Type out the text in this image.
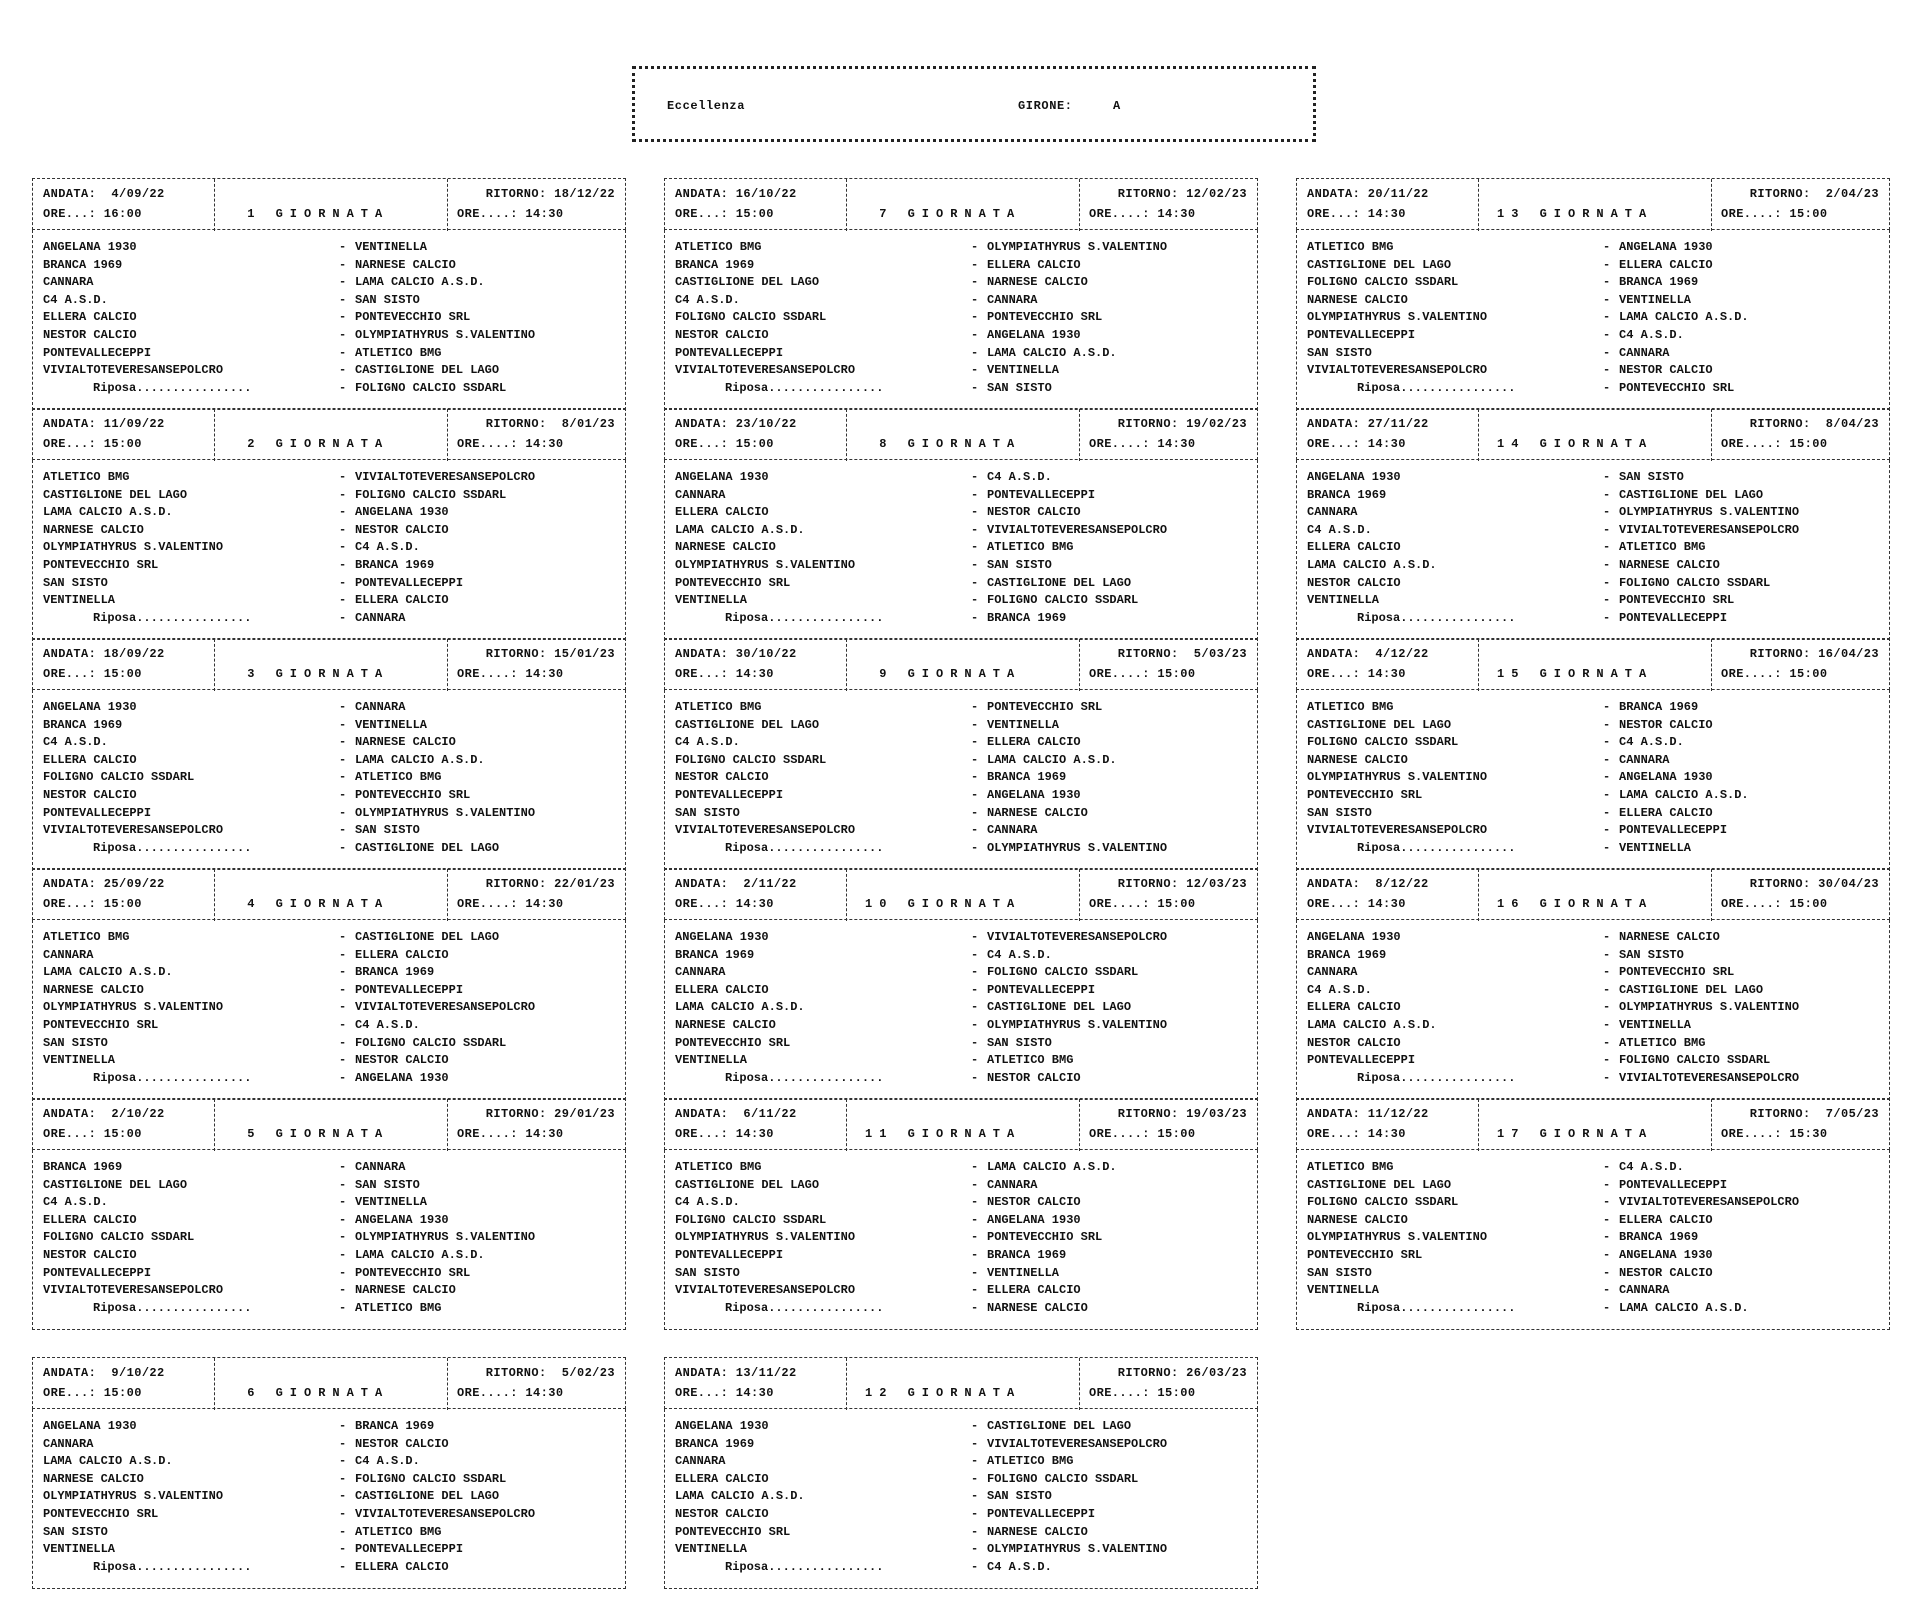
Eccellenza	GIRONE:	A
ANDATA:  4/09/22
ORE...: 16:00	1 GIORNATA
RITORNO: 18/12/22
ORE....: 14:30
ANGELANA 1930	- VENTINELLA
BRANCA 1969	- NARNESE CALCIO
CANNARA	- LAMA CALCIO A.S.D.
C4 A.S.D.	- SAN SISTO
ELLERA CALCIO	- PONTEVECCHIO SRL
NESTOR CALCIO	- OLYMPIATHYRUS S.VALENTINO
PONTEVALLECEPPI	- ATLETICO BMG
VIVIALTOTEVERESANSEPOLCRO	- CASTIGLIONE DEL LAGO
Riposa................	- FOLIGNO CALCIO SSDARL
ANDATA: 11/09/22
ORE...: 15:00	2 GIORNATA
RITORNO:  8/01/23
ORE....: 14:30
ATLETICO BMG	- VIVIALTOTEVERESANSEPOLCRO
CASTIGLIONE DEL LAGO	- FOLIGNO CALCIO SSDARL
LAMA CALCIO A.S.D.	- ANGELANA 1930
NARNESE CALCIO	- NESTOR CALCIO
OLYMPIATHYRUS S.VALENTINO	- C4 A.S.D.
PONTEVECCHIO SRL	- BRANCA 1969
SAN SISTO	- PONTEVALLECEPPI
VENTINELLA	- ELLERA CALCIO
Riposa................	- CANNARA
ANDATA: 18/09/22
ORE...: 15:00	3 GIORNATA
RITORNO: 15/01/23
ORE....: 14:30
ANGELANA 1930	- CANNARA
BRANCA 1969	- VENTINELLA
C4 A.S.D.	- NARNESE CALCIO
ELLERA CALCIO	- LAMA CALCIO A.S.D.
FOLIGNO CALCIO SSDARL	- ATLETICO BMG
NESTOR CALCIO	- PONTEVECCHIO SRL
PONTEVALLECEPPI	- OLYMPIATHYRUS S.VALENTINO
VIVIALTOTEVERESANSEPOLCRO	- SAN SISTO
Riposa................	- CASTIGLIONE DEL LAGO
ANDATA: 25/09/22
ORE...: 15:00	4 GIORNATA
RITORNO: 22/01/23
ORE....: 14:30
ATLETICO BMG	- CASTIGLIONE DEL LAGO
CANNARA	- ELLERA CALCIO
LAMA CALCIO A.S.D.	- BRANCA 1969
NARNESE CALCIO	- PONTEVALLECEPPI
OLYMPIATHYRUS S.VALENTINO	- VIVIALTOTEVERESANSEPOLCRO
PONTEVECCHIO SRL	- C4 A.S.D.
SAN SISTO	- FOLIGNO CALCIO SSDARL
VENTINELLA	- NESTOR CALCIO
Riposa................	- ANGELANA 1930
ANDATA:  2/10/22
ORE...: 15:00	5 GIORNATA
RITORNO: 29/01/23
ORE....: 14:30
BRANCA 1969	- CANNARA
CASTIGLIONE DEL LAGO	- SAN SISTO
C4 A.S.D.	- VENTINELLA
ELLERA CALCIO	- ANGELANA 1930
FOLIGNO CALCIO SSDARL	- OLYMPIATHYRUS S.VALENTINO
NESTOR CALCIO	- LAMA CALCIO A.S.D.
PONTEVALLECEPPI	- PONTEVECCHIO SRL
VIVIALTOTEVERESANSEPOLCRO	- NARNESE CALCIO
Riposa................	- ATLETICO BMG
ANDATA:  9/10/22
ORE...: 15:00	6 GIORNATA
RITORNO:  5/02/23
ORE....: 14:30
ANGELANA 1930	- BRANCA 1969
CANNARA	- NESTOR CALCIO
LAMA CALCIO A.S.D.	- C4 A.S.D.
NARNESE CALCIO	- FOLIGNO CALCIO SSDARL
OLYMPIATHYRUS S.VALENTINO	- CASTIGLIONE DEL LAGO
PONTEVECCHIO SRL	- VIVIALTOTEVERESANSEPOLCRO
SAN SISTO	- ATLETICO BMG
VENTINELLA	- PONTEVALLECEPPI
Riposa................	- ELLERA CALCIO
ANDATA: 16/10/22
ORE...: 15:00	7 GIORNATA
RITORNO: 12/02/23
ORE....: 14:30
ATLETICO BMG	- OLYMPIATHYRUS S.VALENTINO
BRANCA 1969	- ELLERA CALCIO
CASTIGLIONE DEL LAGO	- NARNESE CALCIO
C4 A.S.D.	- CANNARA
FOLIGNO CALCIO SSDARL	- PONTEVECCHIO SRL
NESTOR CALCIO	- ANGELANA 1930
PONTEVALLECEPPI	- LAMA CALCIO A.S.D.
VIVIALTOTEVERESANSEPOLCRO	- VENTINELLA
Riposa................	- SAN SISTO
ANDATA: 23/10/22
ORE...: 15:00	8 GIORNATA
RITORNO: 19/02/23
ORE....: 14:30
ANGELANA 1930	- C4 A.S.D.
CANNARA	- PONTEVALLECEPPI
ELLERA CALCIO	- NESTOR CALCIO
LAMA CALCIO A.S.D.	- VIVIALTOTEVERESANSEPOLCRO
NARNESE CALCIO	- ATLETICO BMG
OLYMPIATHYRUS S.VALENTINO	- SAN SISTO
PONTEVECCHIO SRL	- CASTIGLIONE DEL LAGO
VENTINELLA	- FOLIGNO CALCIO SSDARL
Riposa................	- BRANCA 1969
ANDATA: 30/10/22
ORE...: 14:30	9 GIORNATA
RITORNO:  5/03/23
ORE....: 15:00
ATLETICO BMG	- PONTEVECCHIO SRL
CASTIGLIONE DEL LAGO	- VENTINELLA
C4 A.S.D.	- ELLERA CALCIO
FOLIGNO CALCIO SSDARL	- LAMA CALCIO A.S.D.
NESTOR CALCIO	- BRANCA 1969
PONTEVALLECEPPI	- ANGELANA 1930
SAN SISTO	- NARNESE CALCIO
VIVIALTOTEVERESANSEPOLCRO	- CANNARA
Riposa................	- OLYMPIATHYRUS S.VALENTINO
ANDATA:  2/11/22
ORE...: 14:30	10 GIORNATA
RITORNO: 12/03/23
ORE....: 15:00
ANGELANA 1930	- VIVIALTOTEVERESANSEPOLCRO
BRANCA 1969	- C4 A.S.D.
CANNARA	- FOLIGNO CALCIO SSDARL
ELLERA CALCIO	- PONTEVALLECEPPI
LAMA CALCIO A.S.D.	- CASTIGLIONE DEL LAGO
NARNESE CALCIO	- OLYMPIATHYRUS S.VALENTINO
PONTEVECCHIO SRL	- SAN SISTO
VENTINELLA	- ATLETICO BMG
Riposa................	- NESTOR CALCIO
ANDATA:  6/11/22
ORE...: 14:30	11 GIORNATA
RITORNO: 19/03/23
ORE....: 15:00
ATLETICO BMG	- LAMA CALCIO A.S.D.
CASTIGLIONE DEL LAGO	- CANNARA
C4 A.S.D.	- NESTOR CALCIO
FOLIGNO CALCIO SSDARL	- ANGELANA 1930
OLYMPIATHYRUS S.VALENTINO	- PONTEVECCHIO SRL
PONTEVALLECEPPI	- BRANCA 1969
SAN SISTO	- VENTINELLA
VIVIALTOTEVERESANSEPOLCRO	- ELLERA CALCIO
Riposa................	- NARNESE CALCIO
ANDATA: 13/11/22
ORE...: 14:30	12 GIORNATA
RITORNO: 26/03/23
ORE....: 15:00
ANGELANA 1930	- CASTIGLIONE DEL LAGO
BRANCA 1969	- VIVIALTOTEVERESANSEPOLCRO
CANNARA	- ATLETICO BMG
ELLERA CALCIO	- FOLIGNO CALCIO SSDARL
LAMA CALCIO A.S.D.	- SAN SISTO
NESTOR CALCIO	- PONTEVALLECEPPI
PONTEVECCHIO SRL	- NARNESE CALCIO
VENTINELLA	- OLYMPIATHYRUS S.VALENTINO
Riposa................	- C4 A.S.D.
ANDATA: 20/11/22
ORE...: 14:30	13 GIORNATA
RITORNO:  2/04/23
ORE....: 15:00
ATLETICO BMG	- ANGELANA 1930
CASTIGLIONE DEL LAGO	- ELLERA CALCIO
FOLIGNO CALCIO SSDARL	- BRANCA 1969
NARNESE CALCIO	- VENTINELLA
OLYMPIATHYRUS S.VALENTINO	- LAMA CALCIO A.S.D.
PONTEVALLECEPPI	- C4 A.S.D.
SAN SISTO	- CANNARA
VIVIALTOTEVERESANSEPOLCRO	- NESTOR CALCIO
Riposa................	- PONTEVECCHIO SRL
ANDATA: 27/11/22
ORE...: 14:30	14 GIORNATA
RITORNO:  8/04/23
ORE....: 15:00
ANGELANA 1930	- SAN SISTO
BRANCA 1969	- CASTIGLIONE DEL LAGO
CANNARA	- OLYMPIATHYRUS S.VALENTINO
C4 A.S.D.	- VIVIALTOTEVERESANSEPOLCRO
ELLERA CALCIO	- ATLETICO BMG
LAMA CALCIO A.S.D.	- NARNESE CALCIO
NESTOR CALCIO	- FOLIGNO CALCIO SSDARL
VENTINELLA	- PONTEVECCHIO SRL
Riposa................	- PONTEVALLECEPPI
ANDATA:  4/12/22
ORE...: 14:30	15 GIORNATA
RITORNO: 16/04/23
ORE....: 15:00
ATLETICO BMG	- BRANCA 1969
CASTIGLIONE DEL LAGO	- NESTOR CALCIO
FOLIGNO CALCIO SSDARL	- C4 A.S.D.
NARNESE CALCIO	- CANNARA
OLYMPIATHYRUS S.VALENTINO	- ANGELANA 1930
PONTEVECCHIO SRL	- LAMA CALCIO A.S.D.
SAN SISTO	- ELLERA CALCIO
VIVIALTOTEVERESANSEPOLCRO	- PONTEVALLECEPPI
Riposa................	- VENTINELLA
ANDATA:  8/12/22
ORE...: 14:30	16 GIORNATA
RITORNO: 30/04/23
ORE....: 15:00
ANGELANA 1930	- NARNESE CALCIO
BRANCA 1969	- SAN SISTO
CANNARA	- PONTEVECCHIO SRL
C4 A.S.D.	- CASTIGLIONE DEL LAGO
ELLERA CALCIO	- OLYMPIATHYRUS S.VALENTINO
LAMA CALCIO A.S.D.	- VENTINELLA
NESTOR CALCIO	- ATLETICO BMG
PONTEVALLECEPPI	- FOLIGNO CALCIO SSDARL
Riposa................	- VIVIALTOTEVERESANSEPOLCRO
ANDATA: 11/12/22
ORE...: 14:30	17 GIORNATA
RITORNO:  7/05/23
ORE....: 15:30
ATLETICO BMG	- C4 A.S.D.
CASTIGLIONE DEL LAGO	- PONTEVALLECEPPI
FOLIGNO CALCIO SSDARL	- VIVIALTOTEVERESANSEPOLCRO
NARNESE CALCIO	- ELLERA CALCIO
OLYMPIATHYRUS S.VALENTINO	- BRANCA 1969
PONTEVECCHIO SRL	- ANGELANA 1930
SAN SISTO	- NESTOR CALCIO
VENTINELLA	- CANNARA
Riposa................	- LAMA CALCIO A.S.D.
